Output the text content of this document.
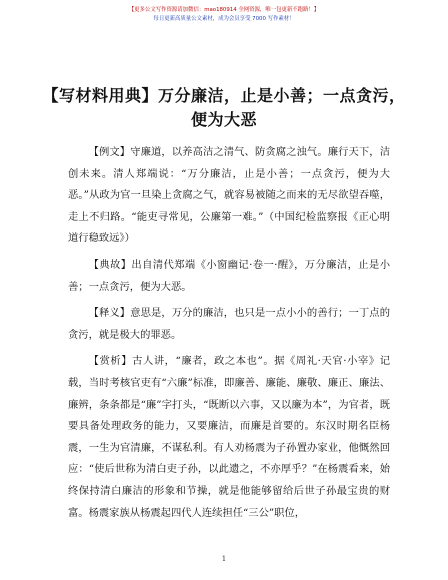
【更多公文写作资源请加微信：mao180914 全网资源，唯一包更新不跑路！】
每日更新高质量公文素材，成为会员享受 7000 写作素材！
【写材料用典】万分廉洁，止是小善；一点贪污，便为大恶

【例文】守廉道，以养高洁之清气、防贪腐之浊气。廉行天下，洁创未来。清人郑端说：“万分廉洁，止是小善；一点贪污，便为大恶。”从政为官一旦染上贪腐之气，就容易被随之而来的无尽欲望吞噬，走上不归路。“能吏寻常见，公廉第一难。”（中国纪检监察报《正心明道行稳致远》）

【典故】出自清代郑端《小窗幽记·卷一·醒》，万分廉洁，止是小善；一点贪污，便为大恶。

【释义】意思是，万分的廉洁，也只是一点小小的善行；一丁点的贪污，就是极大的罪恶。

【赏析】古人讲，“廉者，政之本也”。据《周礼·天官·小宰》记载，当时考核官吏有“六廉”标准，即廉善、廉能、廉敬、廉正、廉法、廉辨，条条都是“廉”字打头，“既断以六事，又以廉为本”，为官者，既要具备处理政务的能力，又要廉洁，而廉是首要的。东汉时期名臣杨震，一生为官清廉，不谋私利。有人劝杨震为子孙置办家业，他慨然回应：“使后世称为清白吏子孙，以此遗之，不亦厚乎？”在杨震看来，始终保持清白廉洁的形象和节操，就是他能够留给后世子孙最宝贵的财富。杨震家族从杨震起四代人连续担任“三公”职位，

1
